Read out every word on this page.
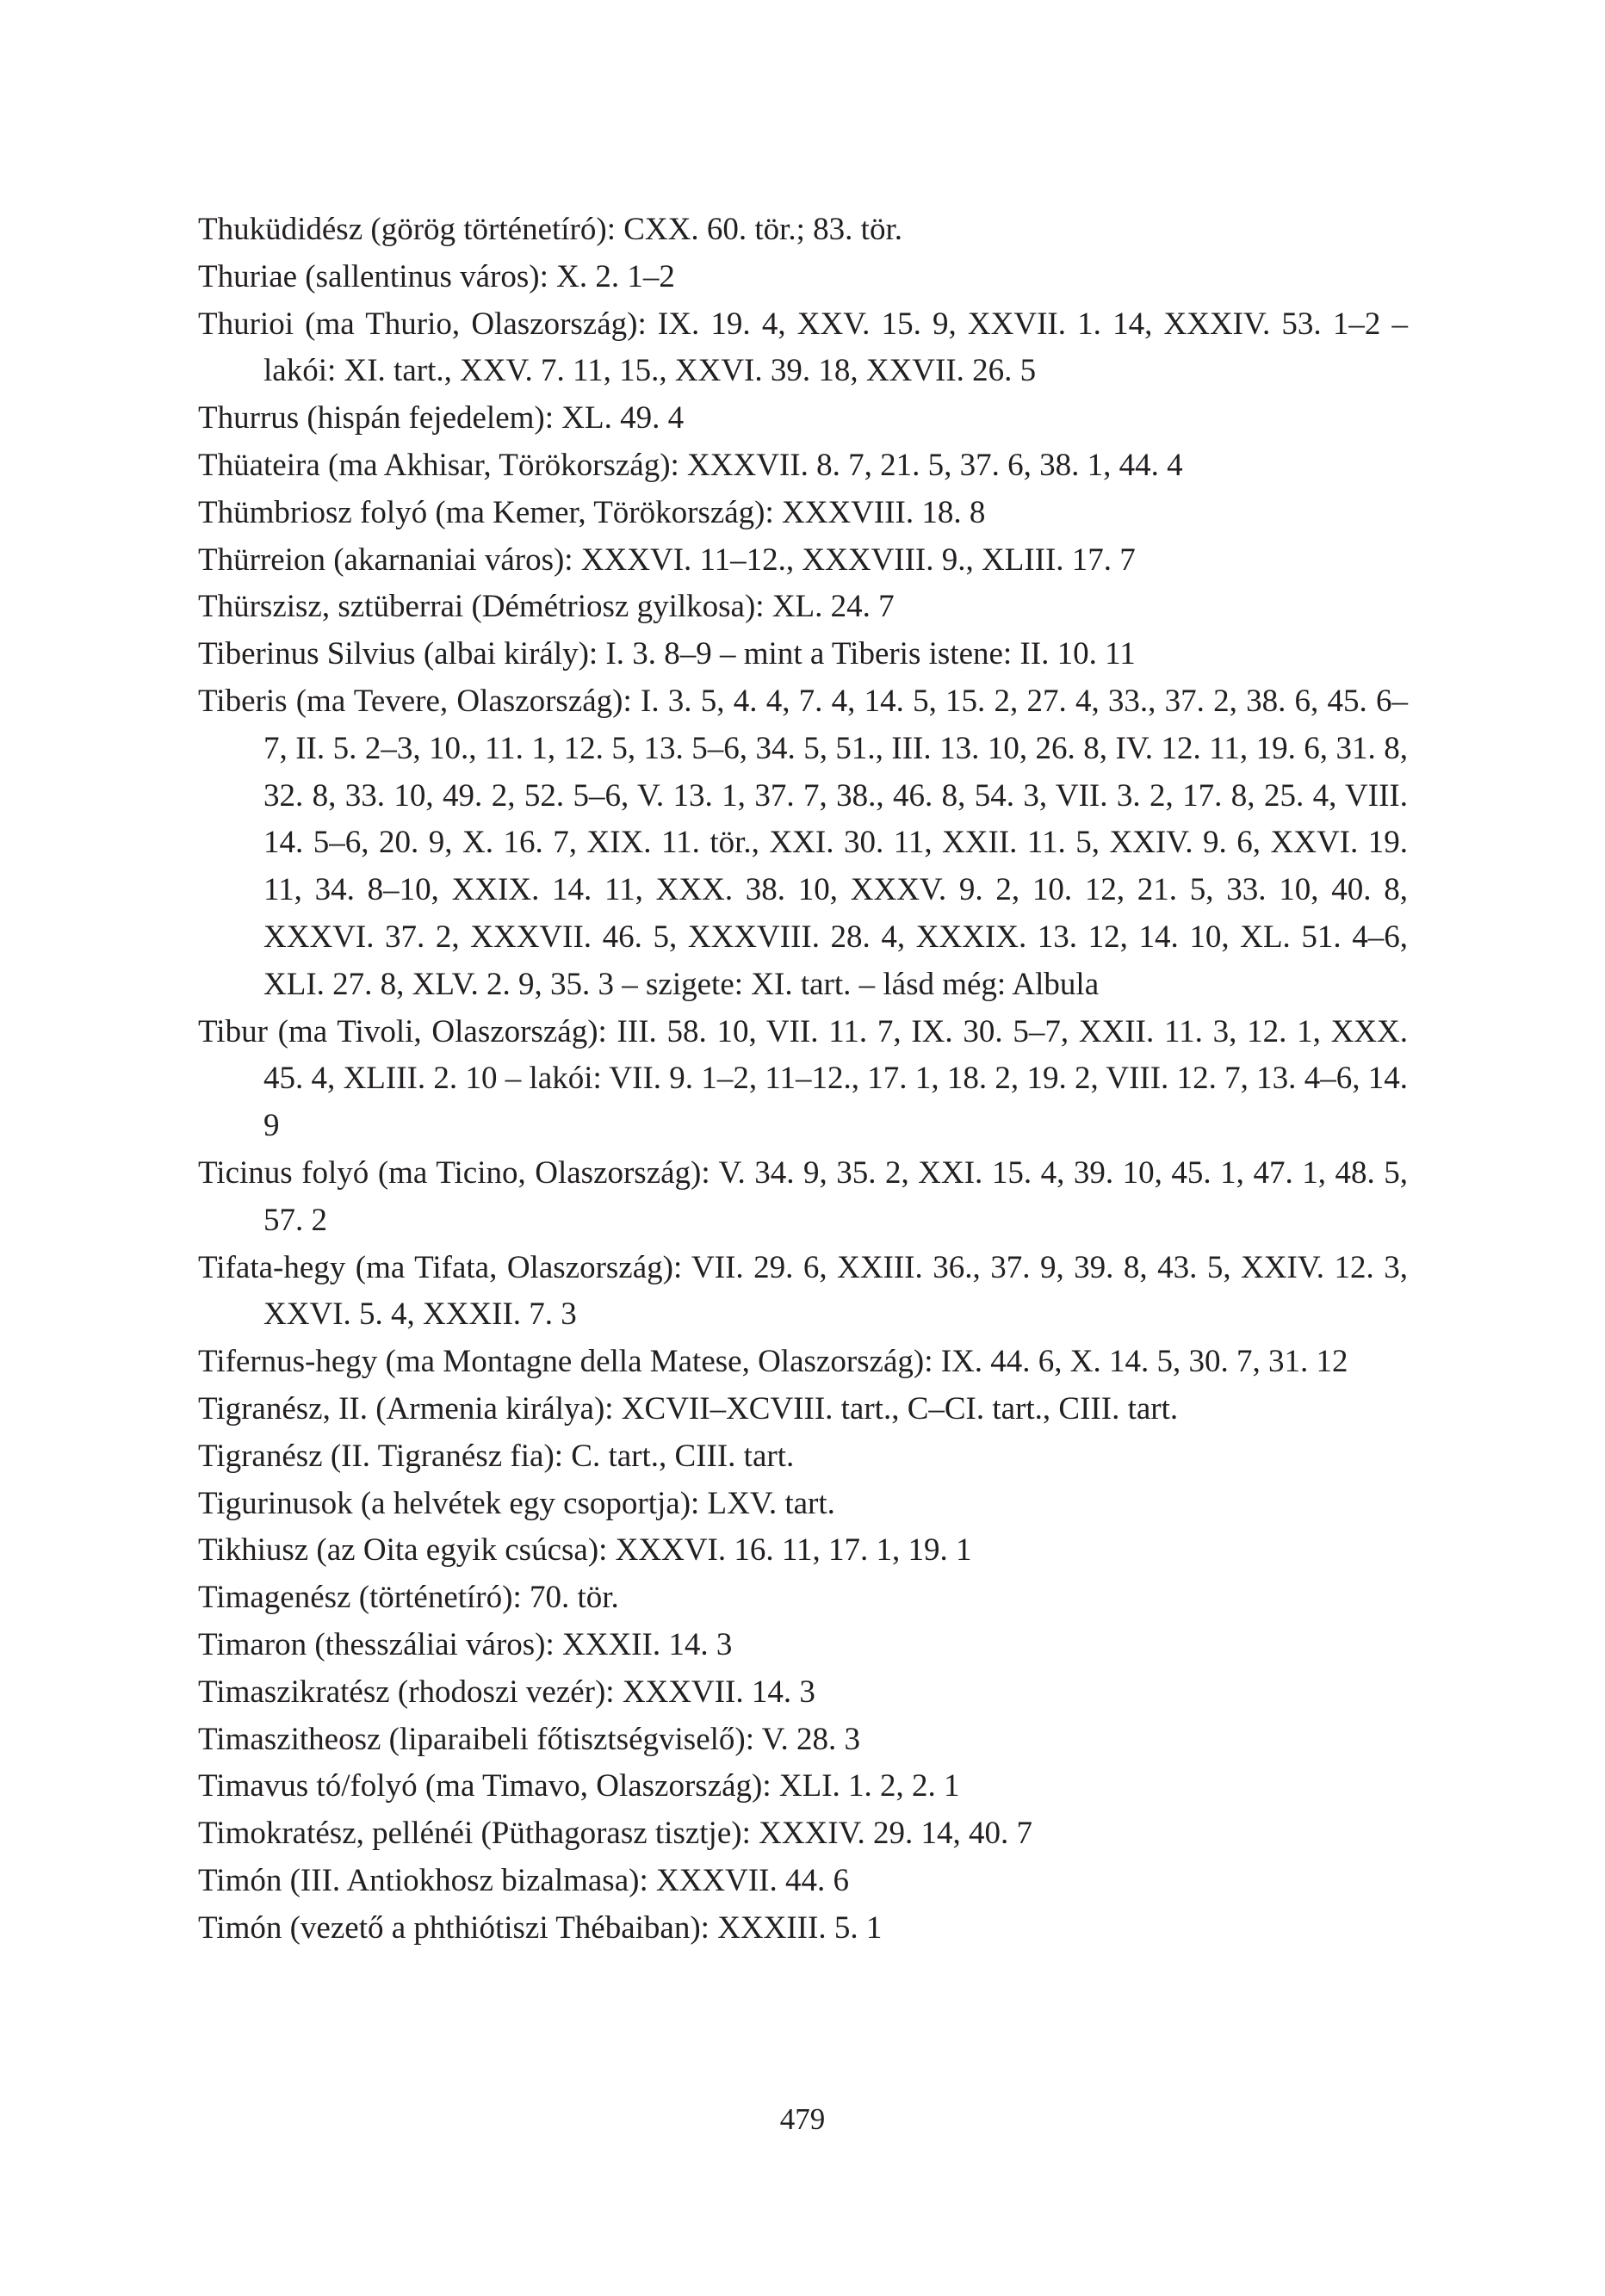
Thuküdidész (görög történetíró): CXX. 60. tör.; 83. tör.
Thuriae (sallentinus város): X. 2. 1–2
Thurioi (ma Thurio, Olaszország): IX. 19. 4, XXV. 15. 9, XXVII. 1. 14, XXXIV. 53. 1–2 – lakói: XI. tart., XXV. 7. 11, 15., XXVI. 39. 18, XXVII. 26. 5
Thurrus (hispán fejedelem): XL. 49. 4
Thüateira (ma Akhisar, Törökország): XXXVII. 8. 7, 21. 5, 37. 6, 38. 1, 44. 4
Thümbriosz folyó (ma Kemer, Törökország): XXXVIII. 18. 8
Thürreion (akarnaniai város): XXXVI. 11–12., XXXVIII. 9., XLIII. 17. 7
Thürszisz, sztüberrai (Démétriosz gyilkosa): XL. 24. 7
Tiberinus Silvius (albai király): I. 3. 8–9 – mint a Tiberis istene: II. 10. 11
Tiberis (ma Tevere, Olaszország): I. 3. 5, 4. 4, 7. 4, 14. 5, 15. 2, 27. 4, 33., 37. 2, 38. 6, 45. 6–7, II. 5. 2–3, 10., 11. 1, 12. 5, 13. 5–6, 34. 5, 51., III. 13. 10, 26. 8, IV. 12. 11, 19. 6, 31. 8, 32. 8, 33. 10, 49. 2, 52. 5–6, V. 13. 1, 37. 7, 38., 46. 8, 54. 3, VII. 3. 2, 17. 8, 25. 4, VIII. 14. 5–6, 20. 9, X. 16. 7, XIX. 11. tör., XXI. 30. 11, XXII. 11. 5, XXIV. 9. 6, XXVI. 19. 11, 34. 8–10, XXIX. 14. 11, XXX. 38. 10, XXXV. 9. 2, 10. 12, 21. 5, 33. 10, 40. 8, XXXVI. 37. 2, XXXVII. 46. 5, XXXVIII. 28. 4, XXXIX. 13. 12, 14. 10, XL. 51. 4–6, XLI. 27. 8, XLV. 2. 9, 35. 3 – szigete: XI. tart. – lásd még: Albula
Tibur (ma Tivoli, Olaszország): III. 58. 10, VII. 11. 7, IX. 30. 5–7, XXII. 11. 3, 12. 1, XXX. 45. 4, XLIII. 2. 10 – lakói: VII. 9. 1–2, 11–12., 17. 1, 18. 2, 19. 2, VIII. 12. 7, 13. 4–6, 14. 9
Ticinus folyó (ma Ticino, Olaszország): V. 34. 9, 35. 2, XXI. 15. 4, 39. 10, 45. 1, 47. 1, 48. 5, 57. 2
Tifata-hegy (ma Tifata, Olaszország): VII. 29. 6, XXIII. 36., 37. 9, 39. 8, 43. 5, XXIV. 12. 3, XXVI. 5. 4, XXXII. 7. 3
Tifernus-hegy (ma Montagne della Matese, Olaszország): IX. 44. 6, X. 14. 5, 30. 7, 31. 12
Tigranész, II. (Armenia királya): XCVII–XCVIII. tart., C–CI. tart., CIII. tart.
Tigranész (II. Tigranész fia): C. tart., CIII. tart.
Tigurinusok (a helvétek egy csoportja): LXV. tart.
Tikhiusz (az Oita egyik csúcsa): XXXVI. 16. 11, 17. 1, 19. 1
Timagenész (történetíró): 70. tör.
Timaron (thesszáliai város): XXXII. 14. 3
Timaszikratész (rhodoszi vezér): XXXVII. 14. 3
Timaszitheosz (liparaibeli főtisztségviselő): V. 28. 3
Timavus tó/folyó (ma Timavo, Olaszország): XLI. 1. 2, 2. 1
Timokratész, pellénéi (Püthagorasz tisztje): XXXIV. 29. 14, 40. 7
Timón (III. Antiokhosz bizalmasa): XXXVII. 44. 6
Timón (vezető a phthiótiszi Thébaiban): XXXIII. 5. 1
479
